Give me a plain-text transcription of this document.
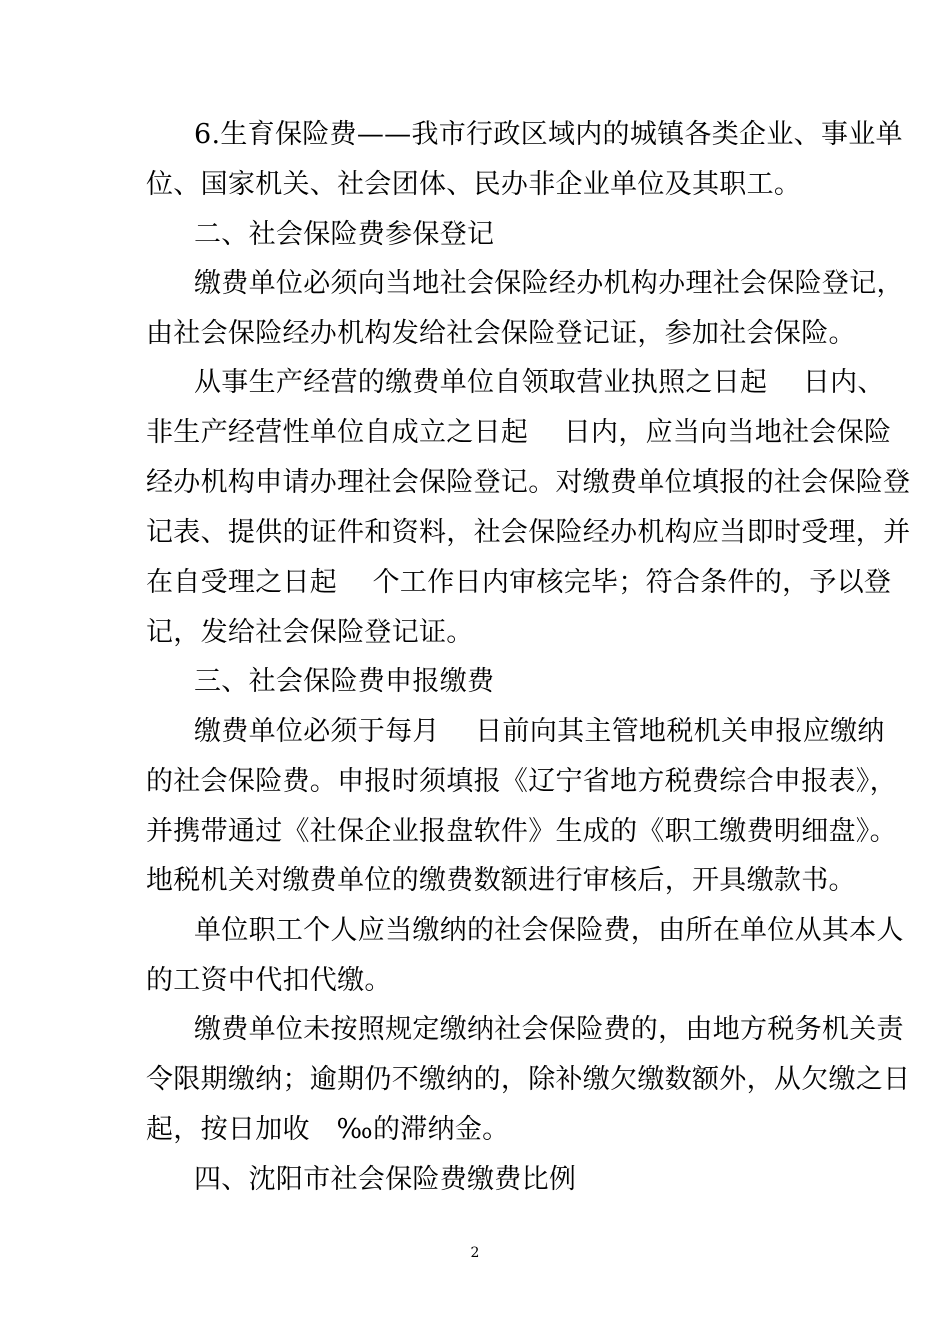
6.生育保险费——我市行政区域内的城镇各类企业、事业单
位、国家机关、社会团体、民办非企业单位及其职工。
二、社会保险费参保登记
缴费单位必须向当地社会保险经办机构办理社会保险登记，
由社会保险经办机构发给社会保险登记证，参加社会保险。
从事生产经营的缴费单位自领取营业执照之日起    日内、
非生产经营性单位自成立之日起    日内，应当向当地社会保险
经办机构申请办理社会保险登记。对缴费单位填报的社会保险登
记表、提供的证件和资料，社会保险经办机构应当即时受理，并
在自受理之日起    个工作日内审核完毕；符合条件的，予以登
记，发给社会保险登记证。
三、社会保险费申报缴费
缴费单位必须于每月    日前向其主管地税机关申报应缴纳
的社会保险费。申报时须填报《辽宁省地方税费综合申报表》，
并携带通过《社保企业报盘软件》生成的《职工缴费明细盘》。
地税机关对缴费单位的缴费数额进行审核后，开具缴款书。
单位职工个人应当缴纳的社会保险费，由所在单位从其本人
的工资中代扣代缴。
缴费单位未按照规定缴纳社会保险费的，由地方税务机关责
令限期缴纳；逾期仍不缴纳的，除补缴欠缴数额外，从欠缴之日
起，按日加收   ‰的滞纳金。
四、沈阳市社会保险费缴费比例
2
